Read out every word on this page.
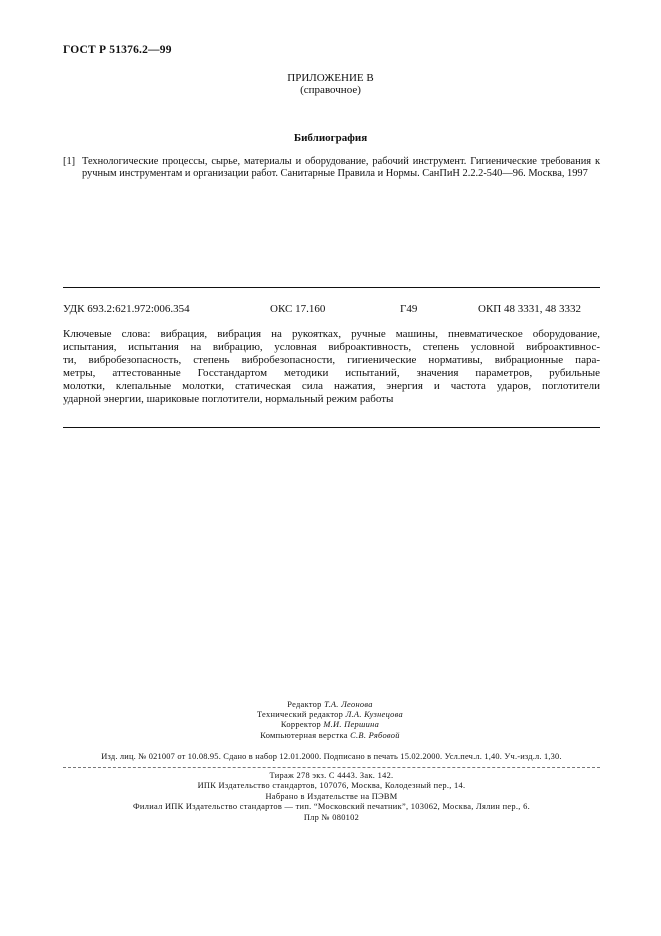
ГОСТ Р 51376.2—99
ПРИЛОЖЕНИЕ В
(справочное)
Библиография
[1] Технологические процессы, сырье, материалы и оборудование, рабочий инструмент. Гигиенические требования к ручным инструментам и организации работ. Санитарные Правила и Нормы. СанПиН 2.2.2-540—96. Москва, 1997
УДК 693.2:621.972:006.354	ОКС 17.160	Г49	ОКП 48 3331, 48 3332
Ключевые слова: вибрация, вибрация на рукоятках, ручные машины, пневматическое оборудование,
испытания, испытания на вибрацию, условная виброактивность, степень условной виброактивнос-
ти, вибробезопасность, степень вибробезопасности, гигиенические нормативы, вибрационные пара-
метры, аттестованные Госстандартом методики испытаний, значения параметров, рубильные
молотки, клепальные молотки, статическая сила нажатия, энергия и частота ударов, поглотители
ударной энергии, шариковые поглотители, нормальный режим работы
Редактор Т.А. Леонова
Технический редактор Л.А. Кузнецова
Корректор М.И. Першина
Компьютерная верстка С.В. Рябовой
Изд. лиц. № 021007 от 10.08.95. Сдано в набор 12.01.2000. Подписано в печать 15.02.2000. Усл.печ.л. 1,40. Уч.-изд.л. 1,30.
Тираж 278 экз. С 4443. Зак. 142.
ИПК Издательство стандартов, 107076, Москва, Колодезный пер., 14.
Набрано в Издательстве на ПЭВМ
Филиал ИПК Издательство стандартов — тип. “Московский печатник”, 103062, Москва, Лялин пер., 6.
Плр № 080102
